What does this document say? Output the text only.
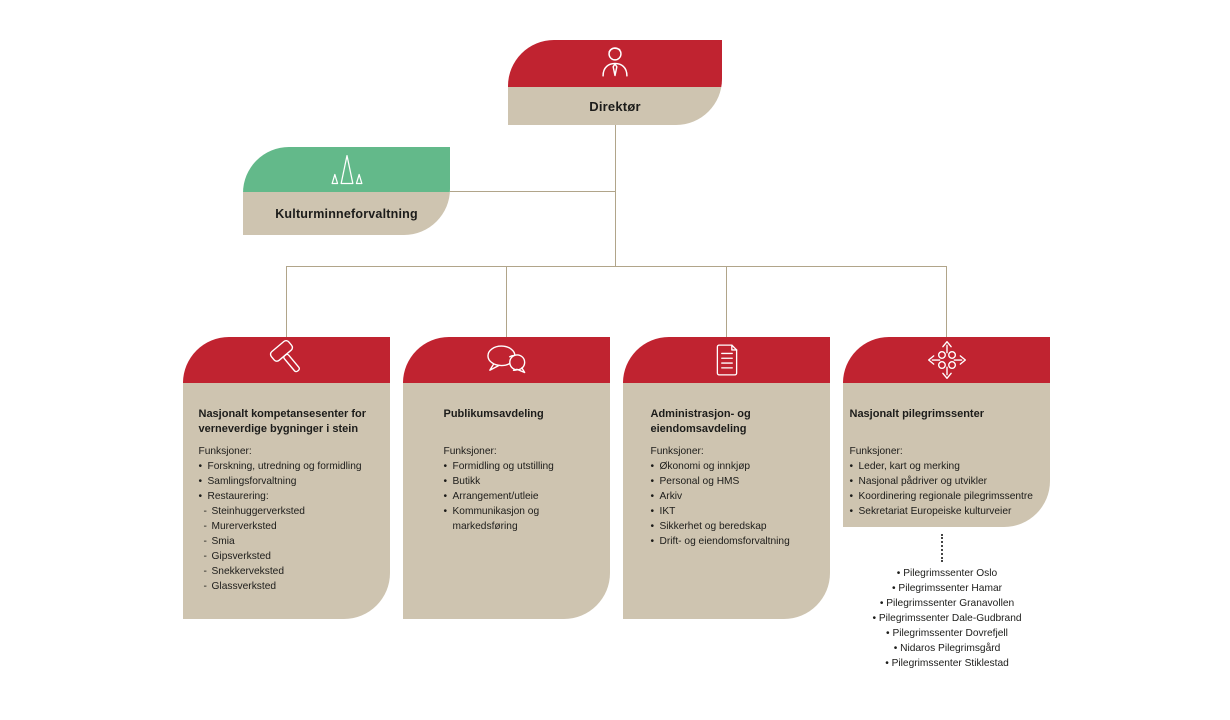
Direktør
Kulturminneforvaltning
Nasjonalt kompetansesenter for verneverdige bygninger i stein
Funksjoner:
• Forskning, utredning og formidling
• Samlingsforvaltning
• Restaurering:
- Steinhuggerverksted
- Murerverksted
- Smia
- Gipsverksted
- Snekkerveksted
- Glassverksted
Publikumsavdeling
Funksjoner:
• Formidling og utstilling
• Butikk
• Arrangement/utleie
• Kommunikasjon og markedsføring
Administrasjon- og eiendomsavdeling
Funksjoner:
• Økonomi og innkjøp
• Personal og HMS
• Arkiv
• IKT
• Sikkerhet og beredskap
• Drift- og eiendomsforvaltning
Nasjonalt pilegrimssenter
Funksjoner:
• Leder, kart og merking
• Nasjonal pådriver og utvikler
• Koordinering regionale pilegrimssentre
• Sekretariat Europeiske kulturveier
• Pilegrimssenter Oslo
• Pilegrimssenter Hamar
• Pilegrimssenter Granavollen
• Pilegrimssenter Dale-Gudbrand
• Pilegrimssenter Dovrefjell
• Nidaros Pilegrimsgård
• Pilegrimssenter Stiklestad
